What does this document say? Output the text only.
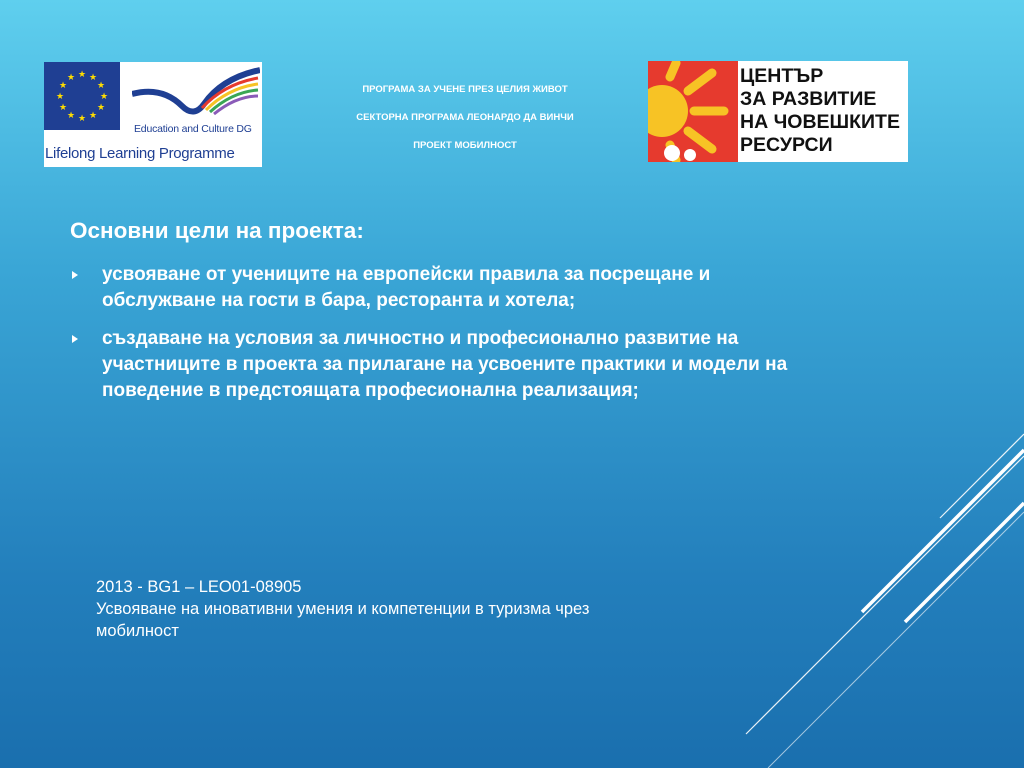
★ ★
★
★
★
★
★
★
★
★
★
★
Education and Culture DG
Lifelong Learning Programme
ПРОГРАМА ЗА УЧЕНЕ ПРЕЗ ЦЕЛИЯ ЖИВОТ
СЕКТОРНА ПРОГРАМА ЛЕОНАРДО ДА ВИНЧИ
ПРОЕКТ МОБИЛНОСТ
ЦЕНТЪР
ЗА РАЗВИТИЕ
НА ЧОВЕШКИТЕ
РЕСУРСИ
Основни цели на проекта:
усвояване от учениците на европейски правила за посрещане и обслужване на гости в бара, ресторанта и хотела;
създаване на условия за личностно и професионално развитие на участниците в проекта за прилагане на усвоените практики и модели на поведение в предстоящата професионална реализация;
2013 - BG1 – LEO01-08905
Усвояване на иновативни умения и компетенции в туризма чрез
мобилност
